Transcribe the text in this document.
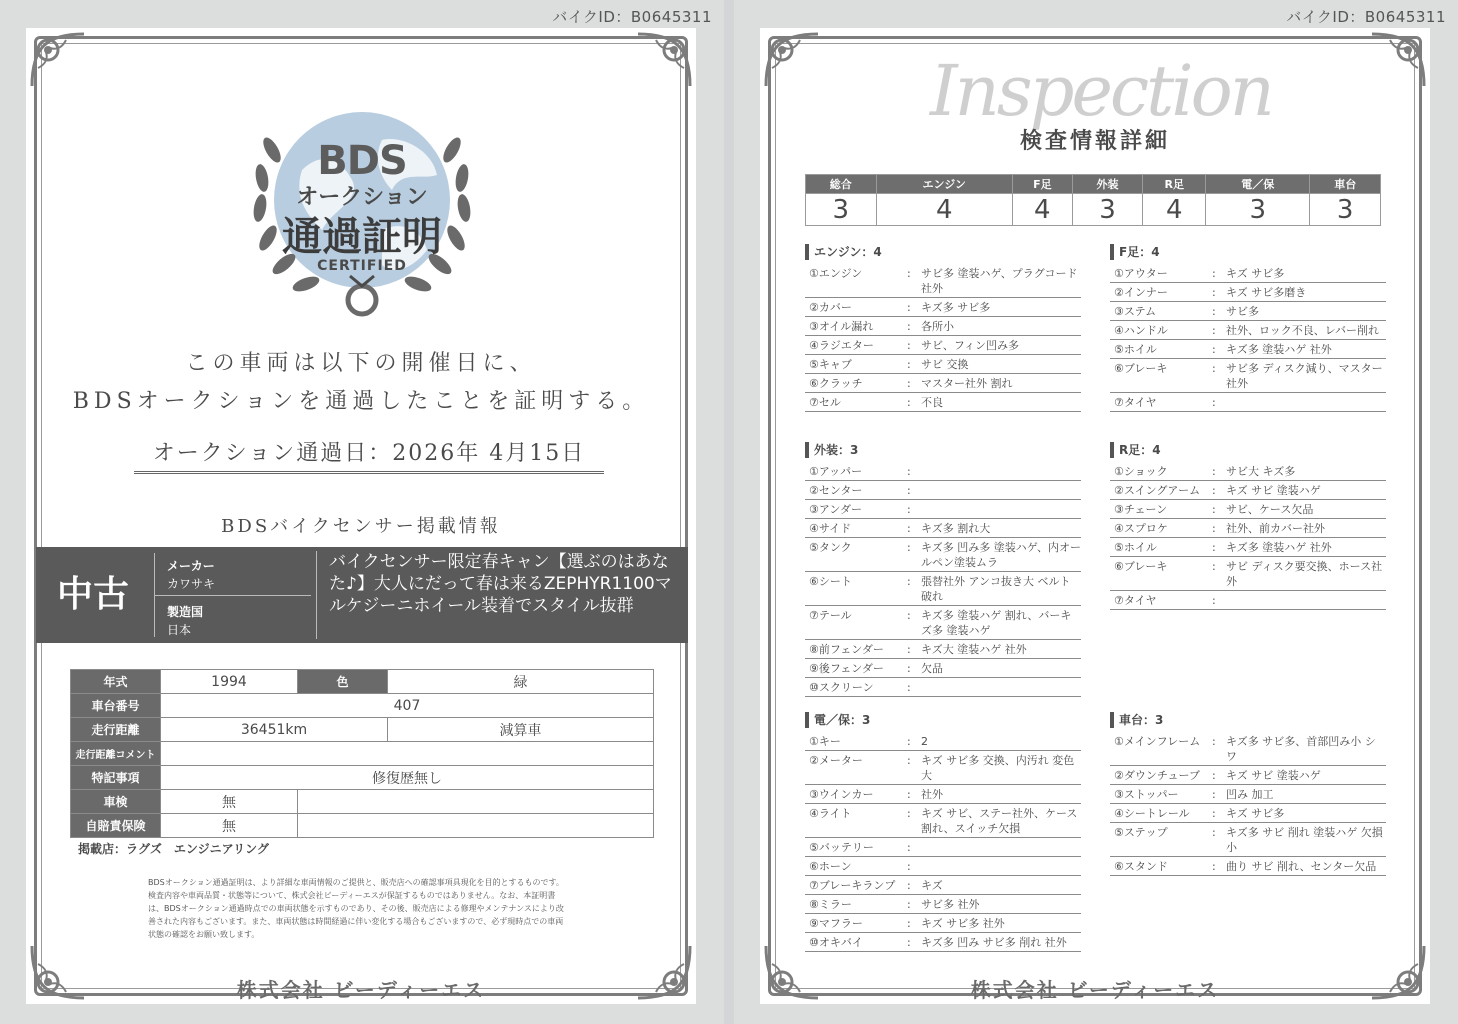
バイクID：B0645311
BDS
オークション
通過証明
CERTIFIED
この車両は以下の開催日に、
BDSオークションを通過したことを証明する。
オークション通過日：2026年 4月15日
BDSバイクセンサー掲載情報
中古
メーカー
カワサキ
製造国
日本
バイクセンサー限定春キャン【選ぶのはあなた♪】大人にだって春は来るZEPHYR1100マルケジーニホイール装着でスタイル抜群
年式	1994	色	緑
車台番号	407		
走行距離	36451km		減算車
走行距離コメント			
特記事項	修復歴無し		
車検	無		
自賠責保険	無		
掲載店：ラグズ　エンジニアリング
BDSオークション通過証明は、より詳細な車両情報のご提供と、販売店への確認事項具現化を目的とするものです。検査内容や車両品質・状態等について、株式会社ビーディーエスが保証するものではありません。なお、本証明書は、BDSオークション通過時点での車両状態を示すものであり、その後、販売店による修理やメンテナンスにより改善された内容もございます。また、車両状態は時間経過に伴い変化する場合もございますので、必ず現時点での車両状態の確認をお願い致します。
株式会社 ビーディーエス
バイクID：B0645311
Inspection
検査情報詳細
総合	エンジン	F足	外装	R足	電／保	車台
3	4	4	3	4	3	3
エンジン：4
①エンジン	: サビ多 塗装ハゲ、プラグコード社外
②カバー	: キズ多 サビ多
③オイル漏れ	: 各所小
④ラジエター	: サビ、フィン凹み多
⑤キャブ	: サビ 交換
⑥クラッチ	: マスター社外 割れ
⑦セル	: 不良
F足：4
①アウター	: キズ サビ多
②インナー	: キズ サビ多磨き
③ステム	: サビ多
④ハンドル	: 社外、ロック不良、レバー削れ
⑤ホイル	: キズ多 塗装ハゲ 社外
⑥ブレーキ	: サビ多 ディスク減り、マスター社外
⑦タイヤ	:
外装：3
①アッパー	:
②センター	:
③アンダー	:
④サイド	: キズ多 割れ大
⑤タンク	: キズ多 凹み多 塗装ハゲ、内オールペン塗装ムラ
⑥シート	: 張替社外 アンコ抜き大 ベルト破れ
⑦テール	: キズ多 塗装ハゲ 割れ、バーキズ多 塗装ハゲ
⑧前フェンダー	: キズ大 塗装ハゲ 社外
⑨後フェンダー	: 欠品
⑩スクリーン	:
R足：4
①ショック	: サビ大 キズ多
②スイングアーム	: キズ サビ 塗装ハゲ
③チェーン	: サビ、ケース欠品
④スプロケ	: 社外、前カバー社外
⑤ホイル	: キズ多 塗装ハゲ 社外
⑥ブレーキ	: サビ ディスク要交換、ホース社外
⑦タイヤ	:
電／保：3
①キー	: 2
②メーター	: キズ サビ多 交換、内汚れ 変色大
③ウインカー	: 社外
④ライト	: キズ サビ、ステー社外、ケース割れ、スイッチ欠損
⑤バッテリー	:
⑥ホーン	:
⑦ブレーキランプ	: キズ
⑧ミラー	: サビ多 社外
⑨マフラー	: キズ サビ多 社外
⑩オキバイ	: キズ多 凹み サビ多 削れ 社外
車台：3
①メインフレーム	: キズ多 サビ多、首部凹み小 シワ
②ダウンチューブ	: キズ サビ 塗装ハゲ
③ストッパー	: 凹み 加工
④シートレール	: キズ サビ多
⑤ステップ	: キズ多 サビ 削れ 塗装ハゲ 欠損小
⑥スタンド	: 曲り サビ 削れ、センター欠品
株式会社 ビーディーエス
